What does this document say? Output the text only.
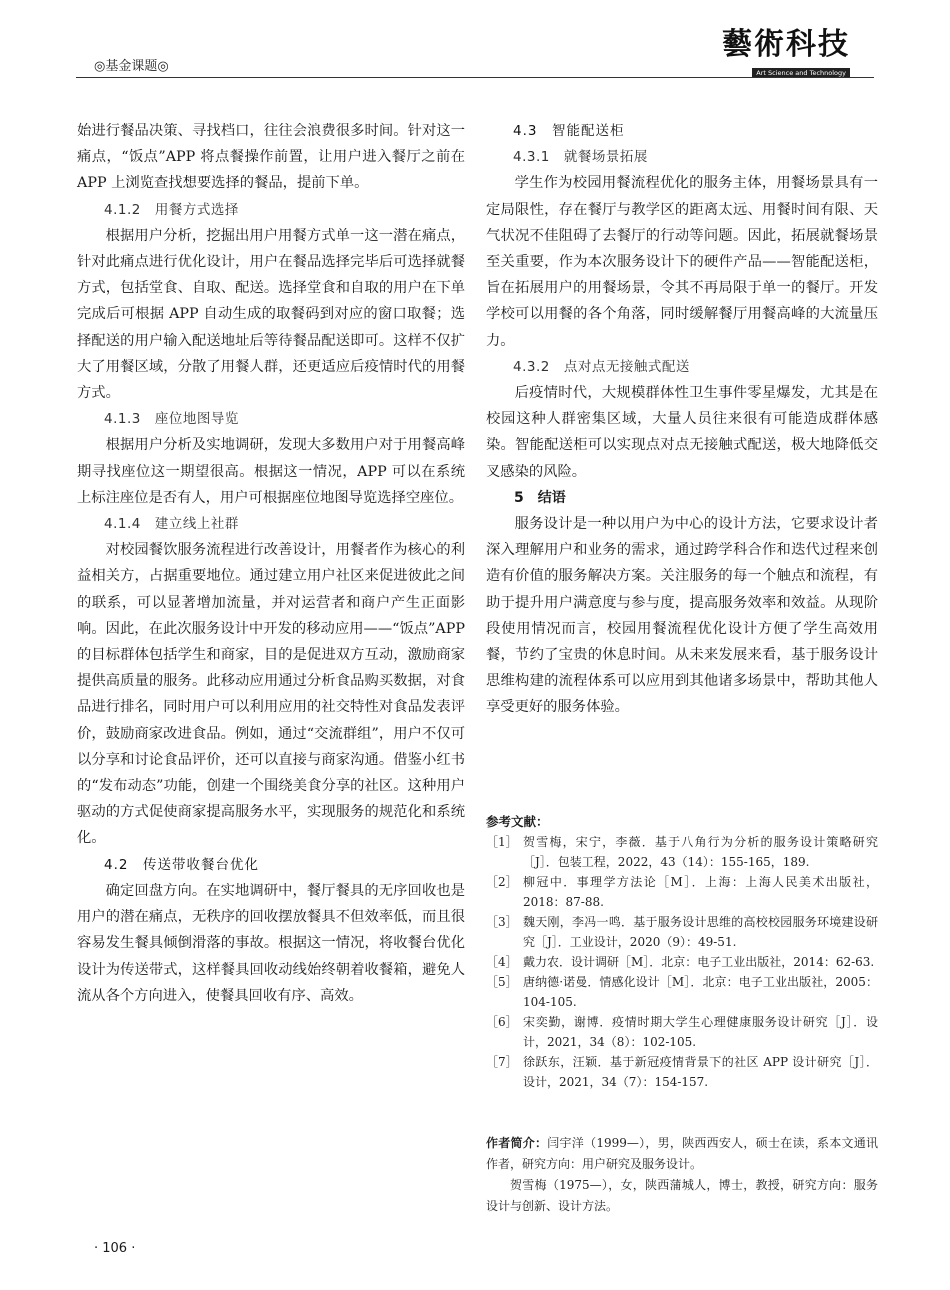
◎基金课题◎
藝術科技
Art Science and Technology

始进行餐品决策、寻找档口，往往会浪费很多时间。针对这一痛点，“饭点”APP 将点餐操作前置，让用户进入餐厅之前在 APP 上浏览查找想要选择的餐品，提前下单。

4.1.2　用餐方式选择

根据用户分析，挖掘出用户用餐方式单一这一潜在痛点，针对此痛点进行优化设计，用户在餐品选择完毕后可选择就餐方式，包括堂食、自取、配送。选择堂食和自取的用户在下单完成后可根据 APP 自动生成的取餐码到对应的窗口取餐；选择配送的用户输入配送地址后等待餐品配送即可。这样不仅扩大了用餐区域，分散了用餐人群，还更适应后疫情时代的用餐方式。

4.1.3　座位地图导览

根据用户分析及实地调研，发现大多数用户对于用餐高峰期寻找座位这一期望很高。根据这一情况，APP 可以在系统上标注座位是否有人，用户可根据座位地图导览选择空座位。

4.1.4　建立线上社群

对校园餐饮服务流程进行改善设计，用餐者作为核心的利益相关方，占据重要地位。通过建立用户社区来促进彼此之间的联系，可以显著增加流量，并对运营者和商户产生正面影响。因此，在此次服务设计中开发的移动应用——“饭点”APP 的目标群体包括学生和商家，目的是促进双方互动，激励商家提供高质量的服务。此移动应用通过分析食品购买数据，对食品进行排名，同时用户可以利用应用的社交特性对食品发表评价，鼓励商家改进食品。例如，通过“交流群组”，用户不仅可以分享和讨论食品评价，还可以直接与商家沟通。借鉴小红书的“发布动态”功能，创建一个围绕美食分享的社区。这种用户驱动的方式促使商家提高服务水平，实现服务的规范化和系统化。

4.2　传送带收餐台优化

确定回盘方向。在实地调研中，餐厅餐具的无序回收也是用户的潜在痛点，无秩序的回收摆放餐具不但效率低，而且很容易发生餐具倾倒滑落的事故。根据这一情况，将收餐台优化设计为传送带式，这样餐具回收动线始终朝着收餐箱，避免人流从各个方向进入，使餐具回收有序、高效。

4.3　智能配送柜

4.3.1　就餐场景拓展

学生作为校园用餐流程优化的服务主体，用餐场景具有一定局限性，存在餐厅与教学区的距离太远、用餐时间有限、天气状况不佳阻碍了去餐厅的行动等问题。因此，拓展就餐场景至关重要，作为本次服务设计下的硬件产品——智能配送柜，旨在拓展用户的用餐场景，令其不再局限于单一的餐厅。开发学校可以用餐的各个角落，同时缓解餐厅用餐高峰的大流量压力。

4.3.2　点对点无接触式配送

后疫情时代，大规模群体性卫生事件零星爆发，尤其是在校园这种人群密集区域，大量人员往来很有可能造成群体感染。智能配送柜可以实现点对点无接触式配送，极大地降低交叉感染的风险。

5　结语

服务设计是一种以用户为中心的设计方法，它要求设计者深入理解用户和业务的需求，通过跨学科合作和迭代过程来创造有价值的服务解决方案。关注服务的每一个触点和流程，有助于提升用户满意度与参与度，提高服务效率和效益。从现阶段使用情况而言，校园用餐流程优化设计方便了学生高效用餐，节约了宝贵的休息时间。从未来发展来看，基于服务设计思维构建的流程体系可以应用到其他诸多场景中，帮助其他人享受更好的服务体验。

参考文献：
［1］ 贺雪梅，宋宁，李薇．基于八角行为分析的服务设计策略研究［J］．包装工程，2022，43（14）：155-165，189.
［2］ 柳冠中．事理学方法论［M］．上海：上海人民美术出版社，2018：87-88.
［3］ 魏天刚，李冯一鸣．基于服务设计思维的高校校园服务环境建设研究［J］．工业设计，2020（9）：49-51.
［4］ 戴力农．设计调研［M］．北京：电子工业出版社，2014：62-63.
［5］ 唐纳德·诺曼．情感化设计［M］．北京：电子工业出版社，2005：104-105.
［6］ 宋奕勤，谢博．疫情时期大学生心理健康服务设计研究［J］．设计，2021，34（8）：102-105.
［7］ 徐跃东，汪颖．基于新冠疫情背景下的社区 APP 设计研究［J］．设计，2021，34（7）：154-157.

作者简介：闫宇洋（1999—），男，陕西西安人，硕士在读，系本文通讯作者，研究方向：用户研究及服务设计。

贺雪梅（1975—），女，陕西蒲城人，博士，教授，研究方向：服务设计与创新、设计方法。

· 106 ·
